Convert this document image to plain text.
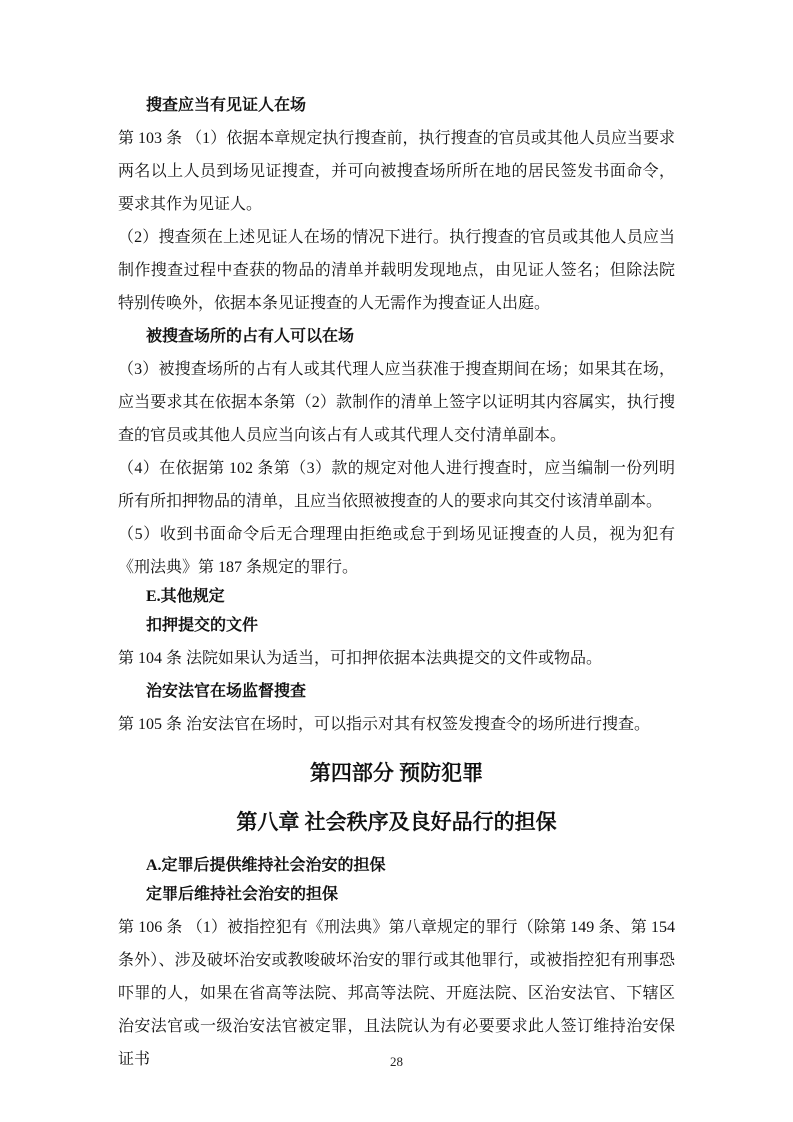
搜查应当有见证人在场

第 103 条 （1）依据本章规定执行搜查前，执行搜查的官员或其他人员应当要求两名以上人员到场见证搜查，并可向被搜查场所所在地的居民签发书面命令，要求其作为见证人。

（2）搜查须在上述见证人在场的情况下进行。执行搜查的官员或其他人员应当制作搜查过程中查获的物品的清单并载明发现地点，由见证人签名；但除法院特别传唤外，依据本条见证搜查的人无需作为搜查证人出庭。

被搜查场所的占有人可以在场

（3）被搜查场所的占有人或其代理人应当获准于搜查期间在场；如果其在场，应当要求其在依据本条第（2）款制作的清单上签字以证明其内容属实，执行搜查的官员或其他人员应当向该占有人或其代理人交付清单副本。

（4）在依据第 102 条第（3）款的规定对他人进行搜查时，应当编制一份列明所有所扣押物品的清单，且应当依照被搜查的人的要求向其交付该清单副本。

（5）收到书面命令后无合理理由拒绝或怠于到场见证搜查的人员，视为犯有《刑法典》第 187 条规定的罪行。

E.其他规定

扣押提交的文件

第 104 条 法院如果认为适当，可扣押依据本法典提交的文件或物品。

治安法官在场监督搜查

第 105 条 治安法官在场时，可以指示对其有权签发搜查令的场所进行搜查。

第四部分 预防犯罪
第八章 社会秩序及良好品行的担保

A.定罪后提供维持社会治安的担保

定罪后维持社会治安的担保

第 106 条 （1）被指控犯有《刑法典》第八章规定的罪行（除第 149 条、第 154 条外）、涉及破坏治安或教唆破坏治安的罪行或其他罪行，或被指控犯有刑事恐吓罪的人，如果在省高等法院、邦高等法院、开庭法院、区治安法官、下辖区治安法官或一级治安法官被定罪，且法院认为有必要要求此人签订维持治安保证书	28
